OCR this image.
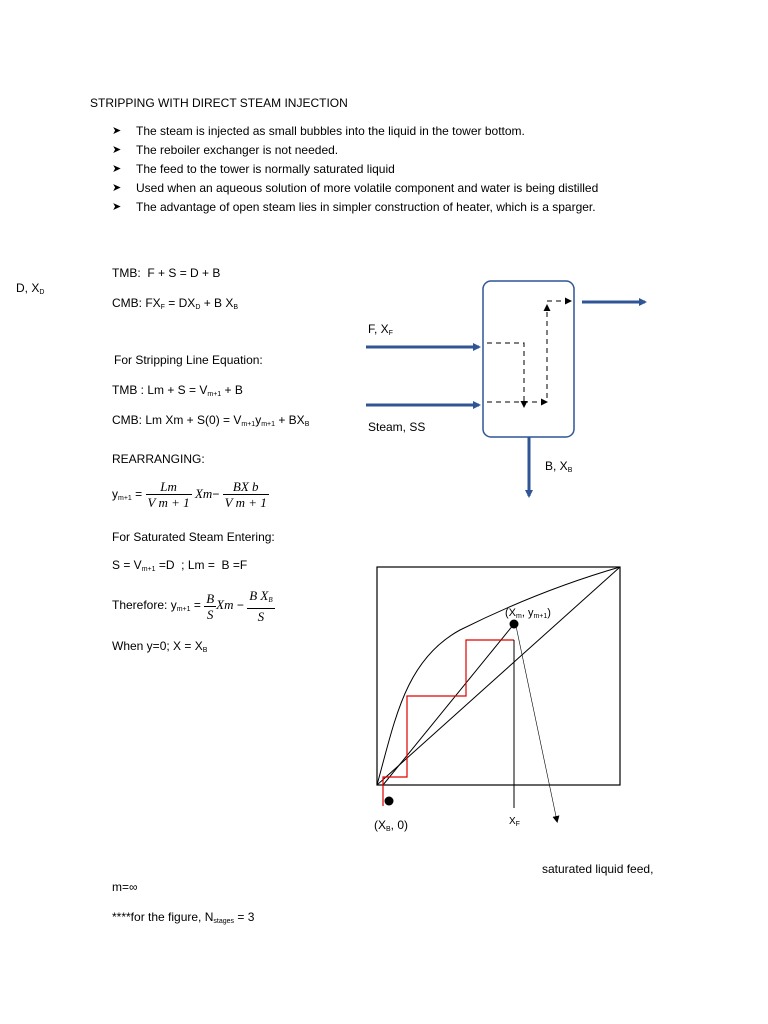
STRIPPING WITH DIRECT STEAM INJECTION
➤ The steam is injected as small bubbles into the liquid in the tower bottom.
➤ The reboiler exchanger is not needed.
➤ The feed to the tower is normally saturated liquid
➤ Used when an aqueous solution of more volatile component and water is being distilled
➤ The advantage of open steam lies in simpler construction of heater, which is a sparger.
D, $X_D$
TMB: F + S = D + B
CMB: $FX_F = DX_D + B$ $X_B$
For Stripping Line Equation:
TMB : $Lm + S = V_{m+1} + B$
CMB: Lm $Xm + S(0) = V_{m+1}y_{m+1} + BX_B$
REARRANGING:
$y_{m+1} = \frac{Lm}{\text{V m + 1}} Xm- \frac{\text{BX b}}{\text{V m + 1}}$
For Saturated Steam Entering:
$S = V_{m+1} =D$  ; Lm =  B =F
Therefore: $y_{m+1} = \frac{B}{S}$ $Xm - \frac{B X_B}{S}$
When y=0; $X = X_B$
m=∞
****for the figure, $N_{stages} = 3$
F, $X_F$
Steam, SS
B, $X_B$
($X_m$, $y_{m+1}$)
($X_B$, 0)	$X_F$
saturated liquid feed,
